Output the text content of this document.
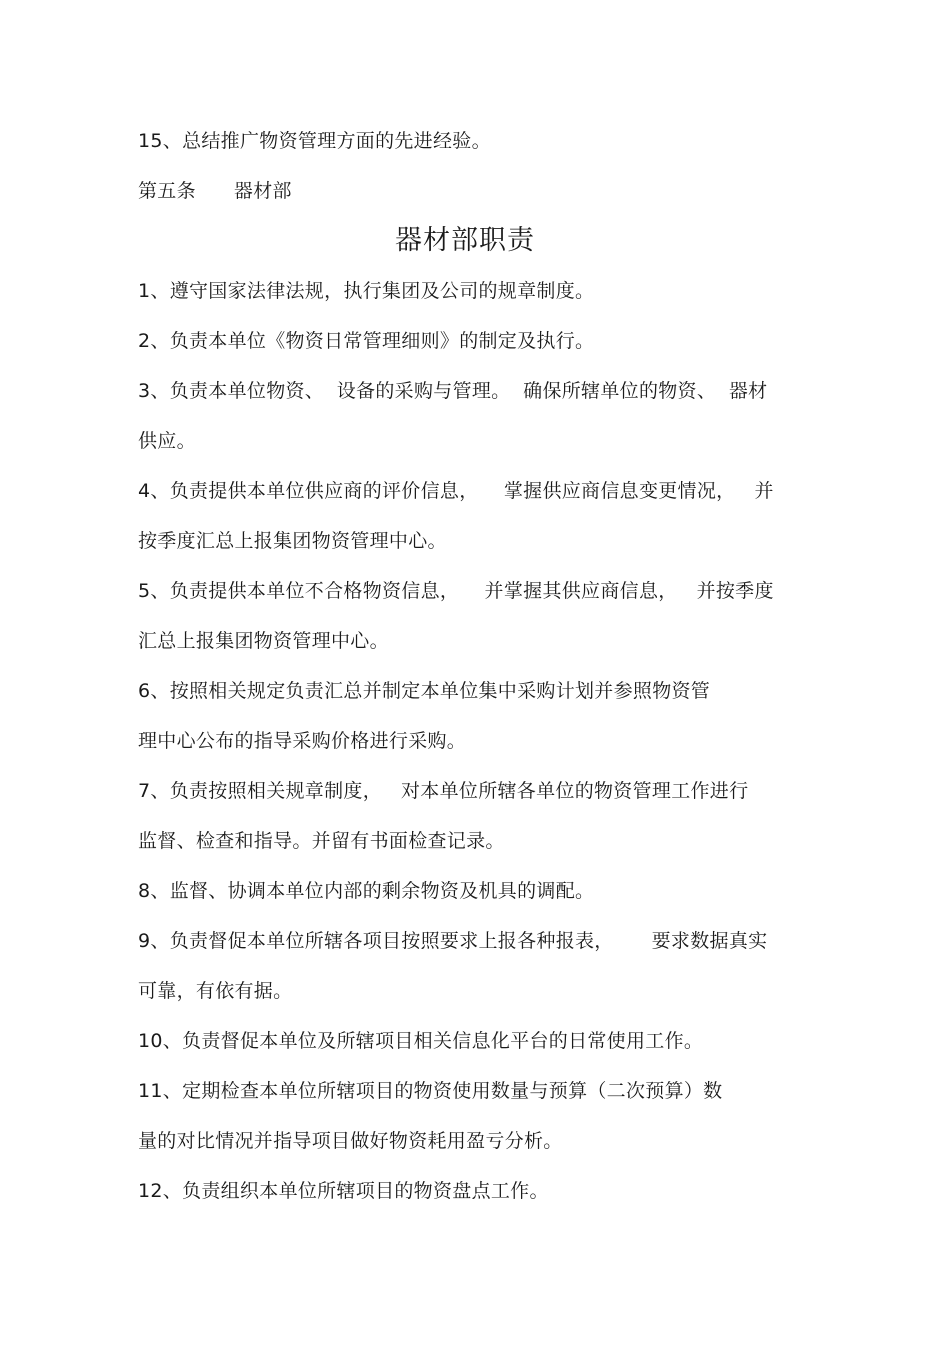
15、总结推广物资管理方面的先进经验。
第五条      器材部
器材部职责
1、遵守国家法律法规，执行集团及公司的规章制度。
2、负责本单位《物资日常管理细则》的制定及执行。
3、负责本单位物资、  设备的采购与管理。  确保所辖单位的物资、  器材
供应。
4、负责提供本单位供应商的评价信息，    掌握供应商信息变更情况，   并
按季度汇总上报集团物资管理中心。
5、负责提供本单位不合格物资信息，    并掌握其供应商信息，   并按季度
汇总上报集团物资管理中心。
6、按照相关规定负责汇总并制定本单位集中采购计划并参照物资管
理中心公布的指导采购价格进行采购。
7、负责按照相关规章制度，   对本单位所辖各单位的物资管理工作进行
监督、检查和指导。并留有书面检查记录。
8、监督、协调本单位内部的剩余物资及机具的调配。
9、负责督促本单位所辖各项目按照要求上报各种报表，      要求数据真实
可靠，有依有据。
10、负责督促本单位及所辖项目相关信息化平台的日常使用工作。
11、定期检查本单位所辖项目的物资使用数量与预算（二次预算）数
量的对比情况并指导项目做好物资耗用盈亏分析。
12、负责组织本单位所辖项目的物资盘点工作。
